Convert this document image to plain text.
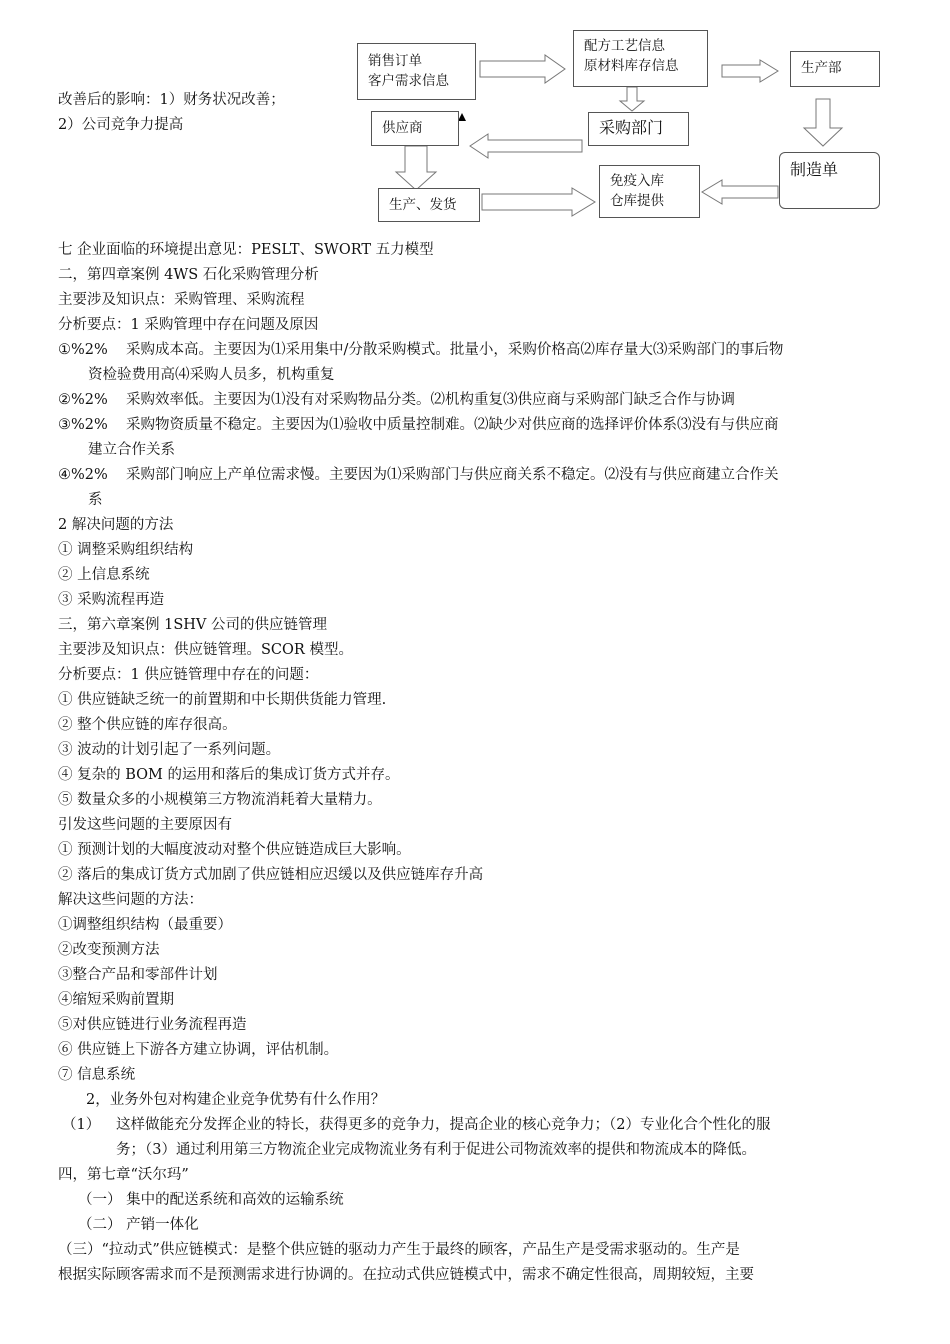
改善后的影响：1）财务状况改善；
2）公司竞争力提高
销售订单
客户需求信息
配方工艺信息
原材料库存信息	生产部
采购部门
供应商
制造单
生产、发货
免疫入库
仓库提供
七 企业面临的环境提出意见：PESLT、SWORT 五力模型
二，第四章案例 4WS 石化采购管理分析
主要涉及知识点：采购管理、采购流程
分析要点：1 采购管理中存在问题及原因
①%2%	采购成本高。主要因为⑴采用集中/分散采购模式。批量小，采购价格高⑵库存量大⑶采购部门的事后物
资检验费用高⑷采购人员多，机构重复
②%2%	采购效率低。主要因为⑴没有对采购物品分类。⑵机构重复⑶供应商与采购部门缺乏合作与协调
③%2%	采购物资质量不稳定。主要因为⑴验收中质量控制难。⑵缺少对供应商的选择评价体系⑶没有与供应商
建立合作关系
④%2%	采购部门响应上产单位需求慢。主要因为⑴采购部门与供应商关系不稳定。⑵没有与供应商建立合作关
系
2 解决问题的方法
① 调整采购组织结构
② 上信息系统
③ 采购流程再造
三，第六章案例 1SHV 公司的供应链管理
主要涉及知识点：供应链管理。SCOR 模型。
分析要点：1 供应链管理中存在的问题：
① 供应链缺乏统一的前置期和中长期供货能力管理.
② 整个供应链的库存很高。
③ 波动的计划引起了一系列问题。
④ 复杂的 BOM 的运用和落后的集成订货方式并存。
⑤ 数量众多的小规模第三方物流消耗着大量精力。
引发这些问题的主要原因有
① 预测计划的大幅度波动对整个供应链造成巨大影响。
② 落后的集成订货方式加剧了供应链相应迟缓以及供应链库存升高
解决这些问题的方法：
①调整组织结构（最重要）
②改变预测方法
③整合产品和零部件计划
④缩短采购前置期
⑤对供应链进行业务流程再造
⑥ 供应链上下游各方建立协调，评估机制。
⑦ 信息系统
2，业务外包对构建企业竞争优势有什么作用？
（1）	这样做能充分发挥企业的特长，获得更多的竞争力，提高企业的核心竞争力；（2）专业化合个性化的服
务；（3）通过利用第三方物流企业完成物流业务有利于促进公司物流效率的提供和物流成本的降低。
四，第七章“沃尔玛”
（一） 集中的配送系统和高效的运输系统
（二） 产销一体化
（三）“拉动式”供应链模式：是整个供应链的驱动力产生于最终的顾客，产品生产是受需求驱动的。生产是
根据实际顾客需求而不是预测需求进行协调的。在拉动式供应链模式中，需求不确定性很高，周期较短，主要
